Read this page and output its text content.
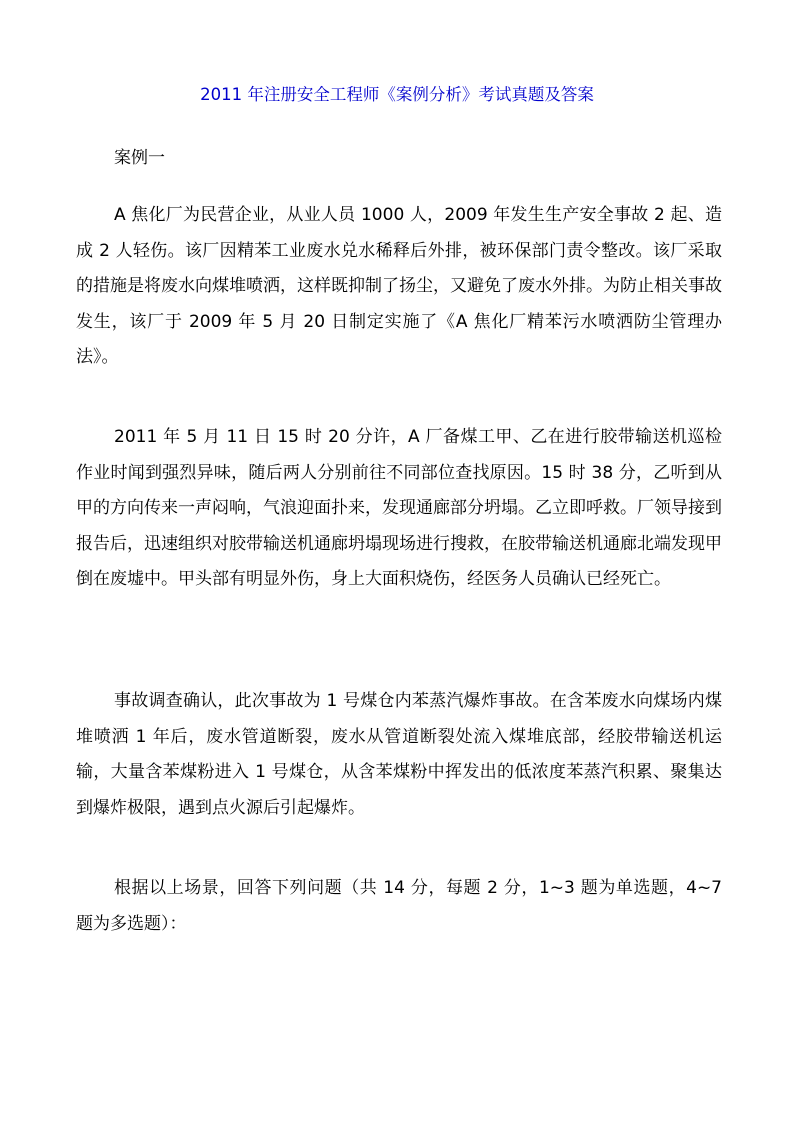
2011 年注册安全工程师《案例分析》考试真题及答案
案例一

A 焦化厂为民营企业，从业人员 1000 人，2009 年发生生产安全事故 2 起、造成 2 人轻伤。该厂因精苯工业废水兑水稀释后外排，被环保部门责令整改。该厂采取的措施是将废水向煤堆喷洒，这样既抑制了扬尘，又避免了废水外排。为防止相关事故发生，该厂于 2009 年 5 月 20 日制定实施了《A 焦化厂精苯污水喷洒防尘管理办法》。

2011 年 5 月 11 日 15 时 20 分许，A 厂备煤工甲、乙在进行胶带输送机巡检作业时闻到强烈异味，随后两人分别前往不同部位查找原因。15 时 38 分，乙听到从甲的方向传来一声闷响，气浪迎面扑来，发现通廊部分坍塌。乙立即呼救。厂领导接到报告后，迅速组织对胶带输送机通廊坍塌现场进行搜救，在胶带输送机通廊北端发现甲倒在废墟中。甲头部有明显外伤，身上大面积烧伤，经医务人员确认已经死亡。

事故调查确认，此次事故为 1 号煤仓内苯蒸汽爆炸事故。在含苯废水向煤场内煤堆喷洒 1 年后，废水管道断裂，废水从管道断裂处流入煤堆底部，经胶带输送机运输，大量含苯煤粉进入 1 号煤仓，从含苯煤粉中挥发出的低浓度苯蒸汽积累、聚集达到爆炸极限，遇到点火源后引起爆炸。

根据以上场景，回答下列问题（共 14 分，每题 2 分，1~3 题为单选题，4~7 题为多选题）：
